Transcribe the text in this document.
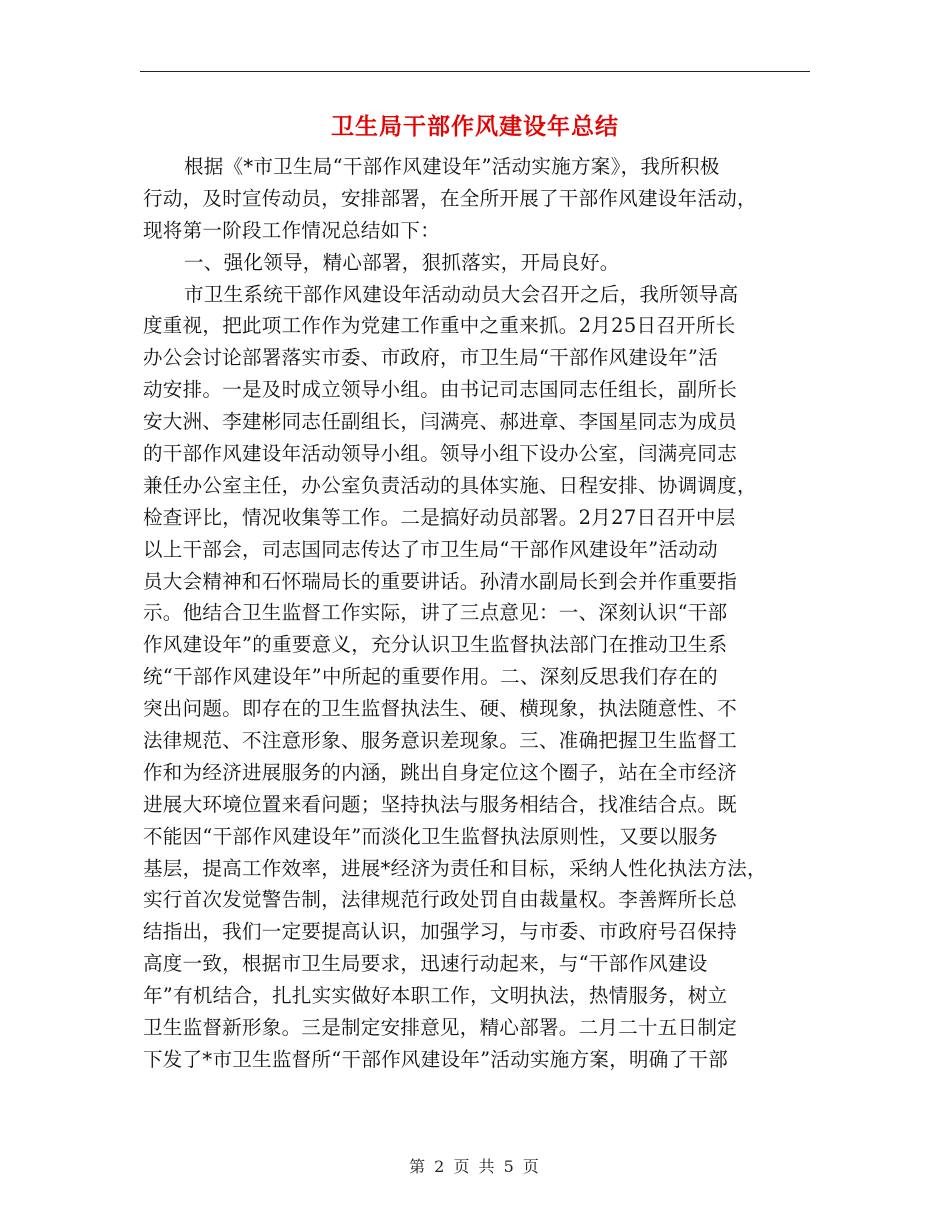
卫生局干部作风建设年总结
根据《*市卫生局“干部作风建设年”活动实施方案》，我所积极
行动，及时宣传动员，安排部署，在全所开展了干部作风建设年活动，
现将第一阶段工作情况总结如下：
一、强化领导，精心部署，狠抓落实，开局良好。
市卫生系统干部作风建设年活动动员大会召开之后，我所领导高
度重视，把此项工作作为党建工作重中之重来抓。2月25日召开所长
办公会讨论部署落实市委、市政府，市卫生局“干部作风建设年”活
动安排。一是及时成立领导小组。由书记司志国同志任组长，副所长
安大洲、李建彬同志任副组长，闫满亮、郝进章、李国星同志为成员
的干部作风建设年活动领导小组。领导小组下设办公室，闫满亮同志
兼任办公室主任，办公室负责活动的具体实施、日程安排、协调调度，
检查评比，情况收集等工作。二是搞好动员部署。2月27日召开中层
以上干部会，司志国同志传达了市卫生局“干部作风建设年”活动动
员大会精神和石怀瑞局长的重要讲话。孙清水副局长到会并作重要指
示。他结合卫生监督工作实际，讲了三点意见：一、深刻认识“干部
作风建设年”的重要意义，充分认识卫生监督执法部门在推动卫生系
统“干部作风建设年”中所起的重要作用。二、深刻反思我们存在的
突出问题。即存在的卫生监督执法生、硬、横现象，执法随意性、不
法律规范、不注意形象、服务意识差现象。三、准确把握卫生监督工
作和为经济进展服务的内涵，跳出自身定位这个圈子，站在全市经济
进展大环境位置来看问题；坚持执法与服务相结合，找准结合点。既
不能因“干部作风建设年”而淡化卫生监督执法原则性，又要以服务
基层，提高工作效率，进展*经济为责任和目标，采纳人性化执法方法，
实行首次发觉警告制，法律规范行政处罚自由裁量权。李善辉所长总
结指出，我们一定要提高认识，加强学习，与市委、市政府号召保持
高度一致，根据市卫生局要求，迅速行动起来，与“干部作风建设
年”有机结合，扎扎实实做好本职工作，文明执法，热情服务，树立
卫生监督新形象。三是制定安排意见，精心部署。二月二十五日制定
下发了*市卫生监督所“干部作风建设年”活动实施方案，明确了干部
第 2 页 共 5 页
